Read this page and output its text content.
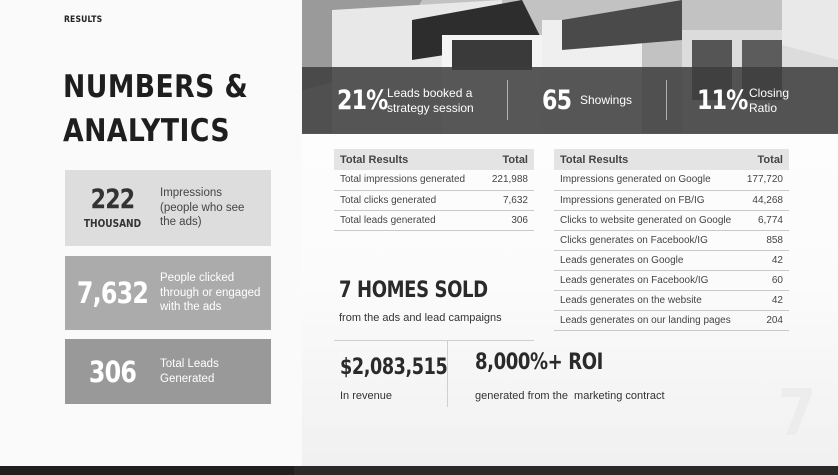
RESULTS
NUMBERS &
ANALYTICS
222
THOUSAND
Impressions (people who see the ads)
7,632 People clicked through or engaged with the ads
306	Total Leads Generated
21% Leads booked a strategy session	65 Showings 11% Closing Ratio
Total Results	Total
Total impressions generated	221,988
Total clicks generated	7,632
Total leads generated	306
Total Results	Total
Impressions generated on Google	177,720
Impressions generated on FB/IG	44,268
Clicks to website generated on Google	6,774
Clicks generates on Facebook/IG	858
Leads generates on Google	42
Leads generates on Facebook/IG	60
Leads generates on the website	42
Leads generates on our landing pages	204
7 HOMES SOLD
from the ads and lead campaigns
$2,083,515
In revenue
8,000%+ ROI
generated from the  marketing contract 7
